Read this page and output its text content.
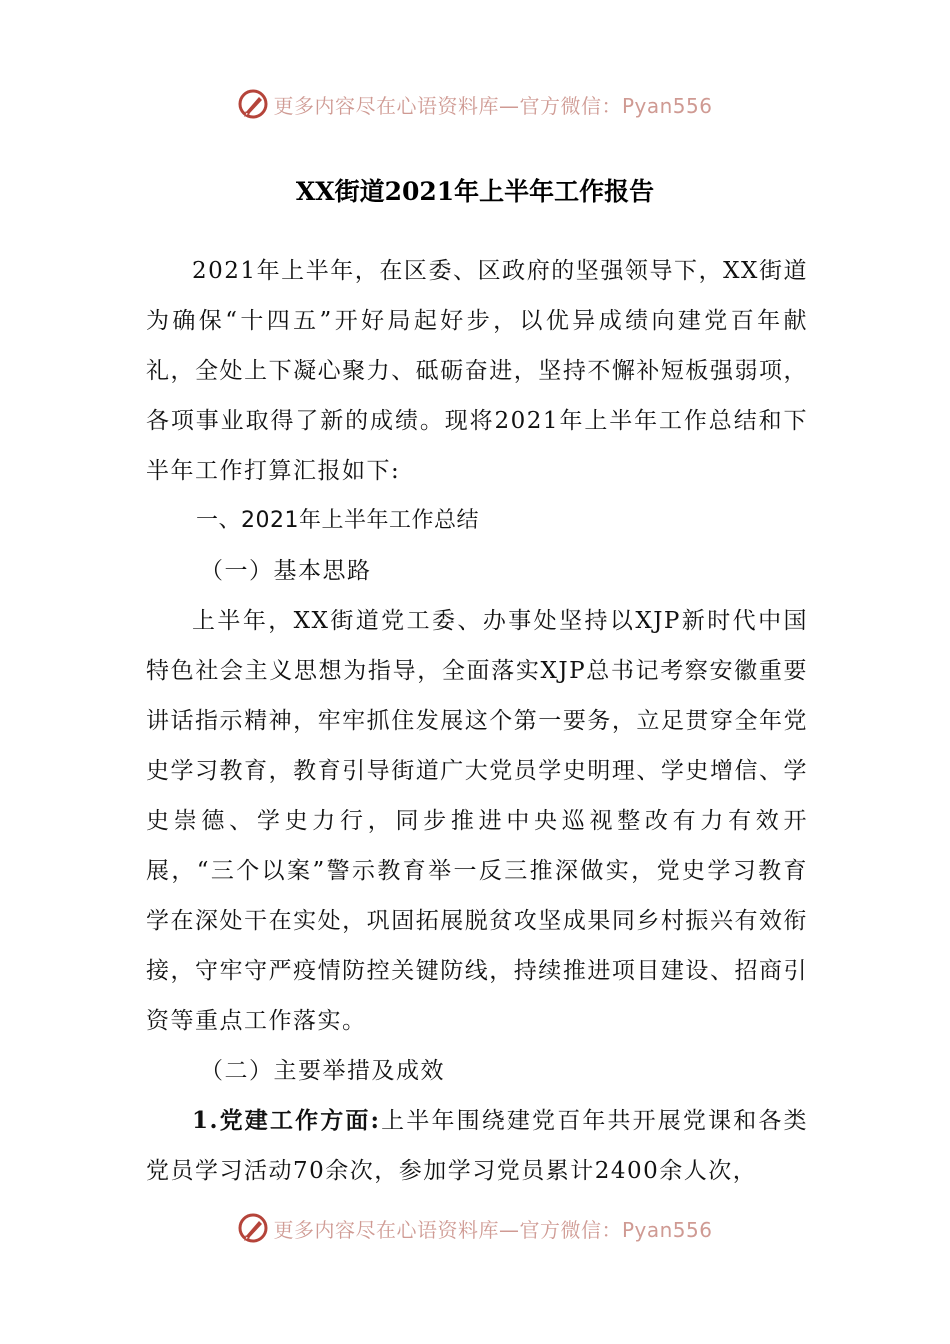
更多内容尽在心语资料库—官方微信：Pyan556
XX街道2021年上半年工作报告

2021年上半年，在区委、区政府的坚强领导下，XX街道为确保“十四五”开好局起好步，以优异成绩向建党百年献礼，全处上下凝心聚力、砥砺奋进，坚持不懈补短板强弱项，各项事业取得了新的成绩。现将2021年上半年工作总结和下半年工作打算汇报如下:

一、2021年上半年工作总结

（一）基本思路

上半年，XX街道党工委、办事处坚持以XJP新时代中国特色社会主义思想为指导，全面落实XJP总书记考察安徽重要讲话指示精神，牢牢抓住发展这个第一要务，立足贯穿全年党史学习教育，教育引导街道广大党员学史明理、学史增信、学史崇德、学史力行，同步推进中央巡视整改有力有效开展，“三个以案”警示教育举一反三推深做实，党史学习教育学在深处干在实处，巩固拓展脱贫攻坚成果同乡村振兴有效衔接，守牢守严疫情防控关键防线，持续推进项目建设、招商引资等重点工作落实。

（二）主要举措及成效

1.党建工作方面:上半年围绕建党百年共开展党课和各类党员学习活动70余次，参加学习党员累计2400余人次，

更多内容尽在心语资料库—官方微信：Pyan556
